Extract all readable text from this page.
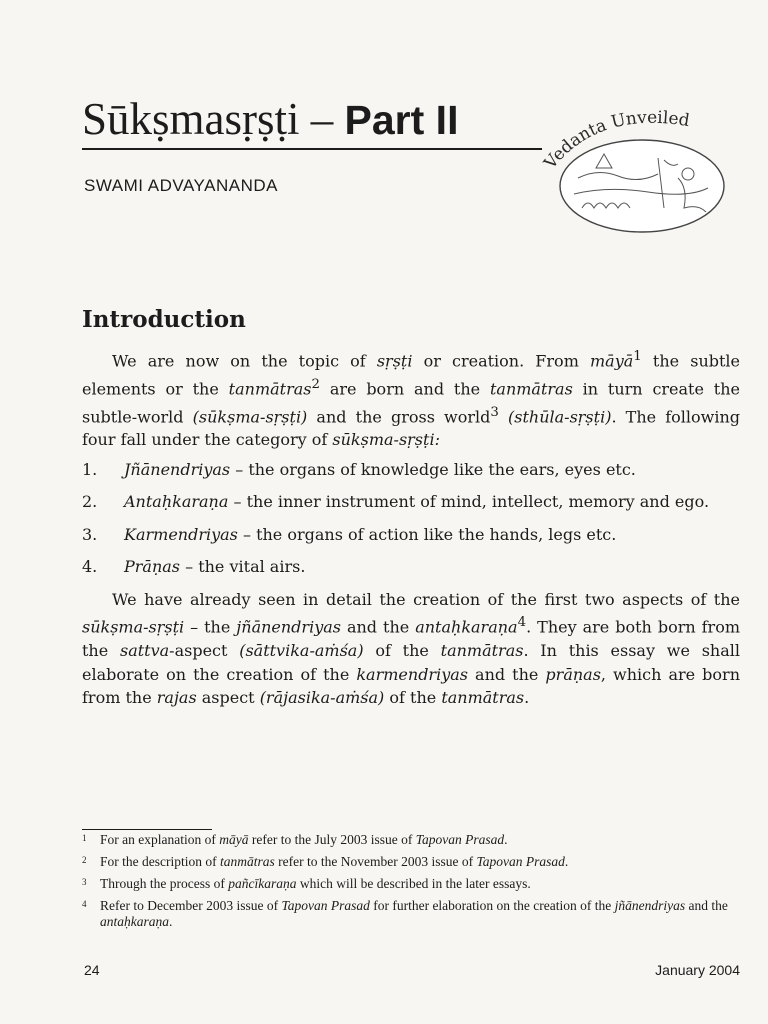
Sūkṣmasṛṣṭi – Part II
SWAMI ADVAYANANDA
Vedanta Unveiled
Introduction

We are now on the topic of sṛṣṭi or creation. From māyā$^1$ the subtle elements or the tanmātras$^2$ are born and the tanmātras in turn create the subtle-world (sūkṣma-sṛṣṭi) and the gross world$^3$ (sthūla-sṛṣṭi). The following four fall under the category of sūkṣma-sṛṣṭi:

1. Jñānendriyas – the organs of knowledge like the ears, eyes etc.
2. Antaḥkaraṇa – the inner instrument of mind, intellect, memory and ego.
3. Karmendriyas – the organs of action like the hands, legs etc.
4. Prāṇas – the vital airs.

We have already seen in detail the creation of the first two aspects of the sūkṣma-sṛṣṭi – the jñānendriyas and the antaḥkaraṇa$^4$. They are both born from the sattva-aspect (sāttvika-aṁśa) of the tanmātras. In this essay we shall elaborate on the creation of the karmendriyas and the prāṇas, which are born from the rajas aspect (rājasika-aṁśa) of the tanmātras.

1 For an explanation of māyā refer to the July 2003 issue of Tapovan Prasad.
2 For the description of tanmātras refer to the November 2003 issue of Tapovan Prasad.
3 Through the process of pañcīkaraṇa which will be described in the later essays.
4 Refer to December 2003 issue of Tapovan Prasad for further elaboration on the creation of the jñānendriyas and the antaḥkaraṇa.
24	January 2004
